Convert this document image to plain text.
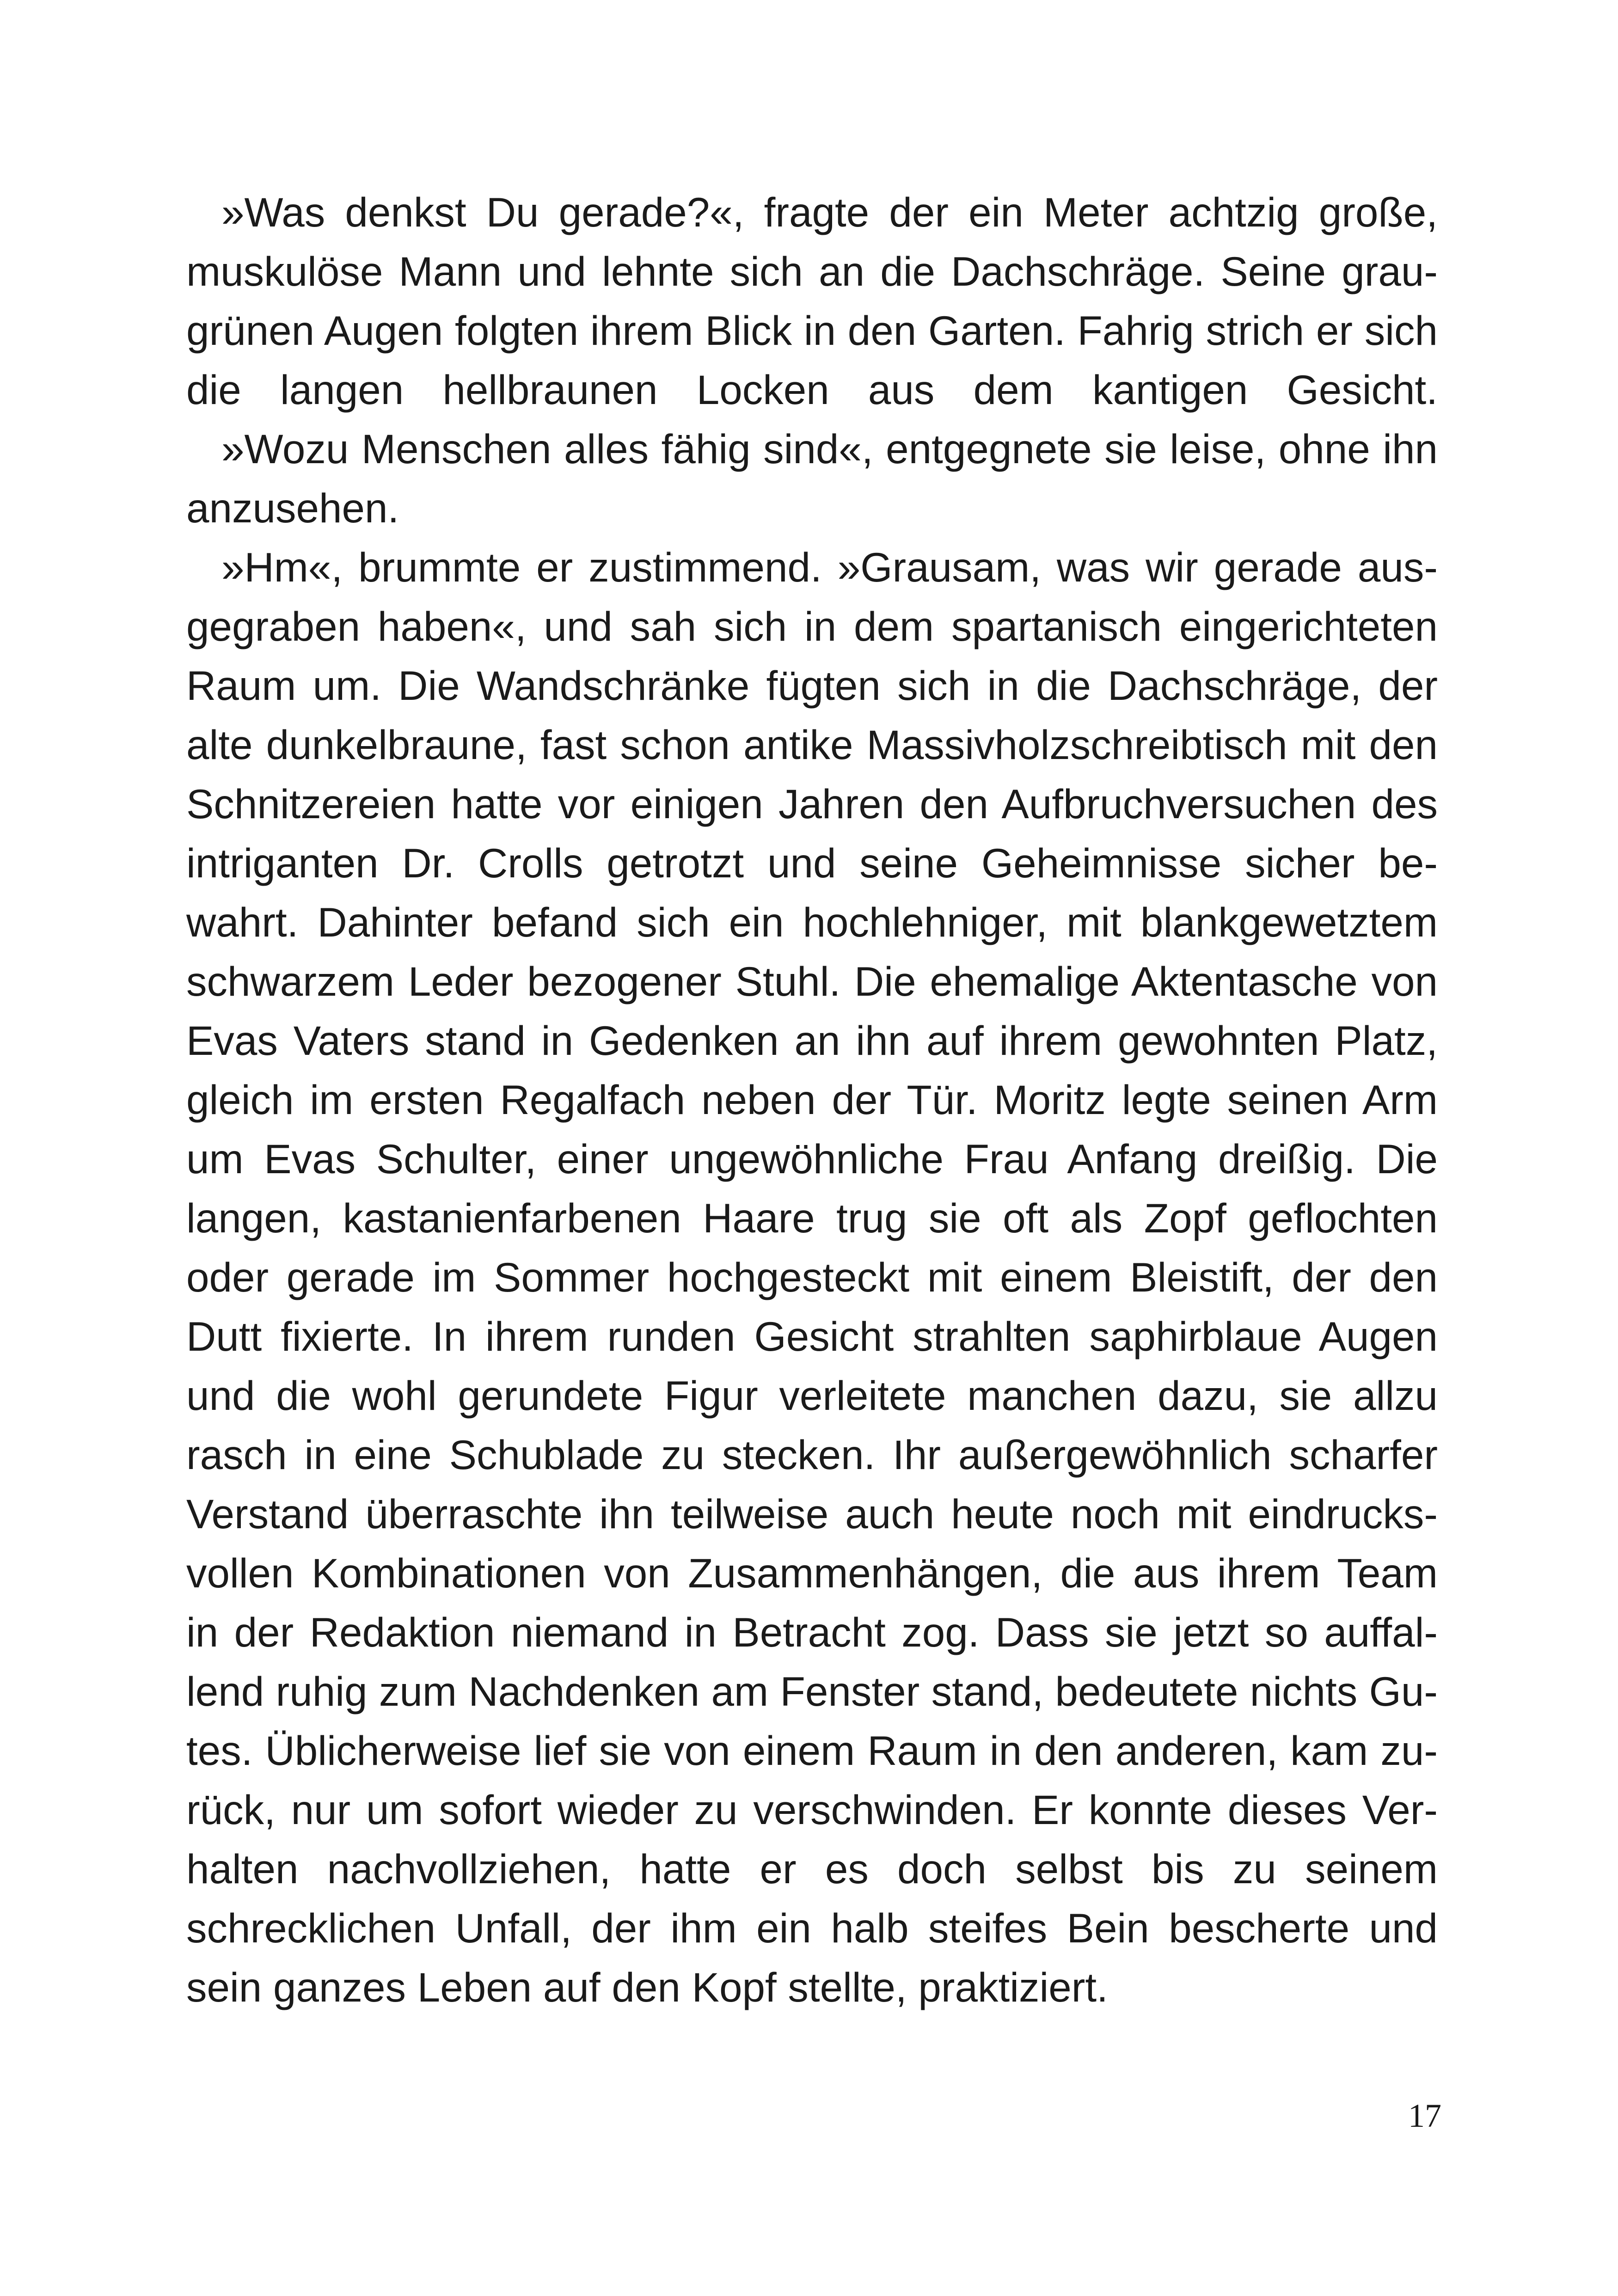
»Was denkst Du gerade?«, fragte der ein Meter achtzig große,
muskulöse Mann und lehnte sich an die Dachschräge. Seine grau-
grünen Augen folgten ihrem Blick in den Garten. Fahrig strich er sich
die langen hellbraunen Locken aus dem kantigen Gesicht.
»Wozu Menschen alles fähig sind«, entgegnete sie leise, ohne ihn
anzusehen.
»Hm«, brummte er zustimmend. »Grausam, was wir gerade aus-
gegraben haben«, und sah sich in dem spartanisch eingerichteten
Raum um. Die Wandschränke fügten sich in die Dachschräge, der
alte dunkelbraune, fast schon antike Massivholzschreibtisch mit den
Schnitzereien hatte vor einigen Jahren den Aufbruchversuchen des
intriganten Dr. Crolls getrotzt und seine Geheimnisse sicher be-
wahrt. Dahinter befand sich ein hochlehniger, mit blankgewetztem
schwarzem Leder bezogener Stuhl. Die ehemalige Aktentasche von
Evas Vaters stand in Gedenken an ihn auf ihrem gewohnten Platz,
gleich im ersten Regalfach neben der Tür. Moritz legte seinen Arm
um Evas Schulter, einer ungewöhnliche Frau Anfang dreißig. Die
langen, kastanienfarbenen Haare trug sie oft als Zopf geflochten
oder gerade im Sommer hochgesteckt mit einem Bleistift, der den
Dutt fixierte. In ihrem runden Gesicht strahlten saphirblaue Augen
und die wohl gerundete Figur verleitete manchen dazu, sie allzu
rasch in eine Schublade zu stecken. Ihr außergewöhnlich scharfer
Verstand überraschte ihn teilweise auch heute noch mit eindrucks-
vollen Kombinationen von Zusammenhängen, die aus ihrem Team
in der Redaktion niemand in Betracht zog. Dass sie jetzt so auffal-
lend ruhig zum Nachdenken am Fenster stand, bedeutete nichts Gu-
tes. Üblicherweise lief sie von einem Raum in den anderen, kam zu-
rück, nur um sofort wieder zu verschwinden. Er konnte dieses Ver-
halten nachvollziehen, hatte er es doch selbst bis zu seinem
schrecklichen Unfall, der ihm ein halb steifes Bein bescherte und
sein ganzes Leben auf den Kopf stellte, praktiziert.
17
